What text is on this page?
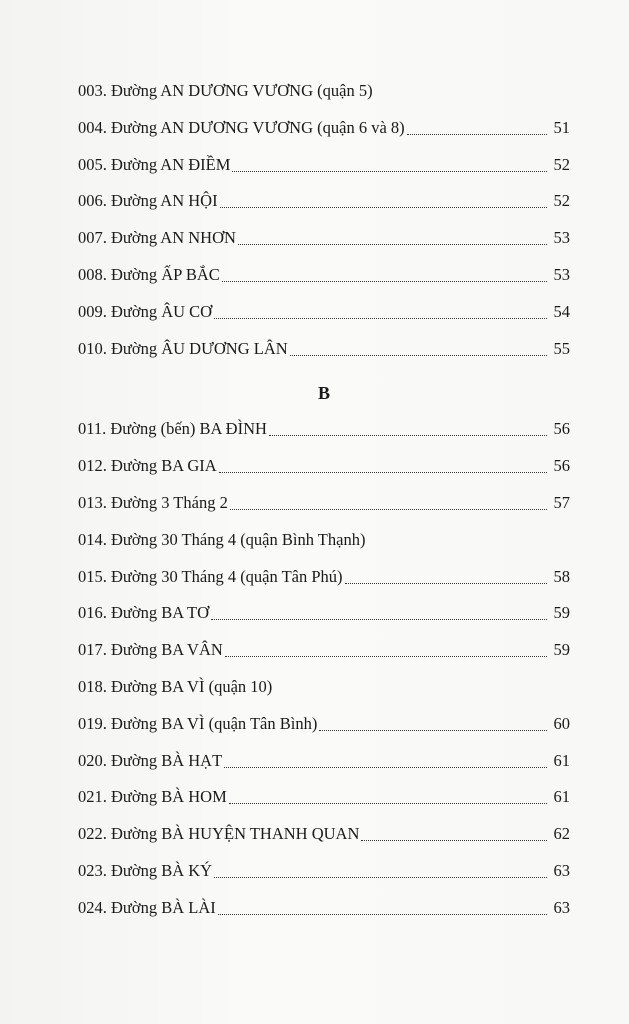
003. Đường AN DƯƠNG VƯƠNG (quận 5)
004. Đường AN DƯƠNG VƯƠNG (quận 6 và 8)	51
005. Đường AN ĐIỀM	52
006. Đường AN HỘI	52
007. Đường AN NHƠN	53
008. Đường ẤP BẮC	53
009. Đường ÂU CƠ	54
010. Đường ÂU DƯƠNG LÂN	55
B
011. Đường (bến) BA ĐÌNH	56
012. Đường BA GIA	56
013. Đường 3 Tháng 2	57
014. Đường 30 Tháng 4 (quận Bình Thạnh)
015. Đường 30 Tháng 4 (quận Tân Phú)	58
016. Đường BA TƠ	59
017. Đường BA VÂN	59
018. Đường BA VÌ (quận 10)
019. Đường BA VÌ (quận Tân Bình)	60
020. Đường BÀ HẠT	61
021. Đường BÀ HOM	61
022. Đường BÀ HUYỆN THANH QUAN	62
023. Đường BÀ KÝ	63
024. Đường BÀ LÀI	63
